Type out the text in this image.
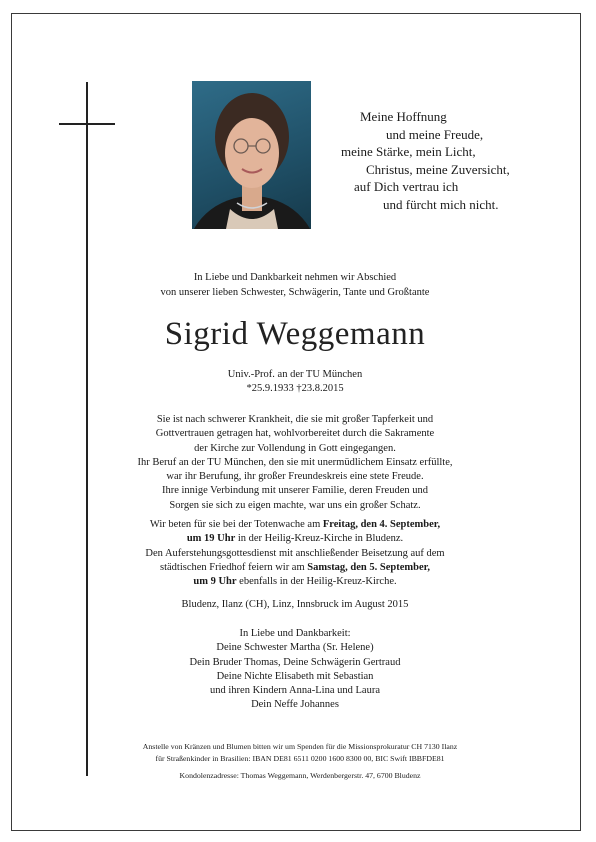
Meine Hoffnung
und meine Freude,
meine Stärke, mein Licht,
Christus, meine Zuversicht,
auf Dich vertrau ich
und fürcht mich nicht.
In Liebe und Dankbarkeit nehmen wir Abschied
von unserer lieben Schwester, Schwägerin, Tante und Großtante
Sigrid Weggemann
Univ.-Prof. an der TU München
*25.9.1933 †23.8.2015
Sie ist nach schwerer Krankheit, die sie mit großer Tapferkeit und
Gottvertrauen getragen hat, wohlvorbereitet durch die Sakramente
der Kirche zur Vollendung in Gott eingegangen.
Ihr Beruf an der TU München, den sie mit unermüdlichem Einsatz erfüllte,
war ihr Berufung, ihr großer Freundeskreis eine stete Freude.
Ihre innige Verbindung mit unserer Familie, deren Freuden und
Sorgen sie sich zu eigen machte, war uns ein großer Schatz.
Wir beten für sie bei der Totenwache am Freitag, den 4. September,
um 19 Uhr in der Heilig-Kreuz-Kirche in Bludenz.
Den Auferstehungsgottesdienst mit anschließender Beisetzung auf dem
städtischen Friedhof feiern wir am Samstag, den 5. September,
um 9 Uhr ebenfalls in der Heilig-Kreuz-Kirche.
Bludenz, Ilanz (CH), Linz, Innsbruck im August 2015
In Liebe und Dankbarkeit:
Deine Schwester Martha (Sr. Helene)
Dein Bruder Thomas, Deine Schwägerin Gertraud
Deine Nichte Elisabeth mit Sebastian
und ihren Kindern Anna-Lina und Laura
Dein Neffe Johannes
Anstelle von Kränzen und Blumen bitten wir um Spenden für die Missionsprokuratur CH 7130 Ilanz
für Straßenkinder in Brasilien: IBAN DE81 6511 0200 1600 8300 00, BIC Swift IBBFDE81
Kondolenzadresse: Thomas Weggemann, Werdenbergerstr. 47, 6700 Bludenz
